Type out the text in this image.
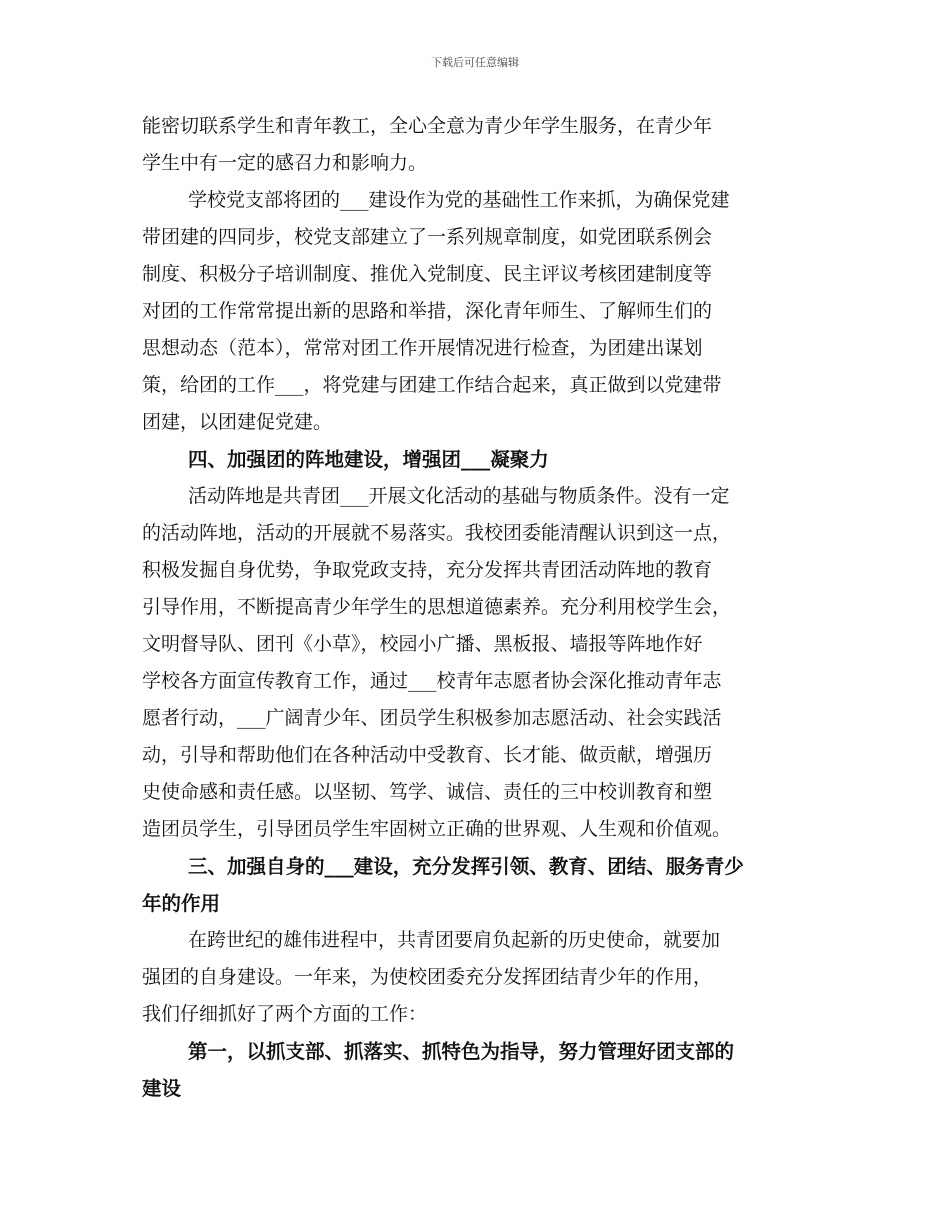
下载后可任意编辑
能密切联系学生和青年教工，全心全意为青少年学生服务，在青少年
学生中有一定的感召力和影响力。
学校党支部将团的___建设作为党的基础性工作来抓，为确保党建
带团建的四同步，校党支部建立了一系列规章制度，如党团联系例会
制度、积极分子培训制度、推优入党制度、民主评议考核团建制度等
对团的工作常常提出新的思路和举措，深化青年师生、了解师生们的
思想动态（范本），常常对团工作开展情况进行检查，为团建出谋划
策，给团的工作___，将党建与团建工作结合起来，真正做到以党建带
团建，以团建促党建。
四、加强团的阵地建设，增强团___凝聚力
活动阵地是共青团___开展文化活动的基础与物质条件。没有一定
的活动阵地，活动的开展就不易落实。我校团委能清醒认识到这一点，
积极发掘自身优势，争取党政支持，充分发挥共青团活动阵地的教育
引导作用，不断提高青少年学生的思想道德素养。充分利用校学生会，
文明督导队、团刊《小草》，校园小广播、黑板报、墙报等阵地作好
学校各方面宣传教育工作，通过___校青年志愿者协会深化推动青年志
愿者行动，___广阔青少年、团员学生积极参加志愿活动、社会实践活
动，引导和帮助他们在各种活动中受教育、长才能、做贡献，增强历
史使命感和责任感。以坚韧、笃学、诚信、责任的三中校训教育和塑
造团员学生，引导团员学生牢固树立正确的世界观、人生观和价值观。
三、加强自身的___建设，充分发挥引领、教育、团结、服务青少
年的作用
在跨世纪的雄伟进程中，共青团要肩负起新的历史使命，就要加
强团的自身建设。一年来，为使校团委充分发挥团结青少年的作用，
我们仔细抓好了两个方面的工作：
第一，以抓支部、抓落实、抓特色为指导，努力管理好团支部的
建设
